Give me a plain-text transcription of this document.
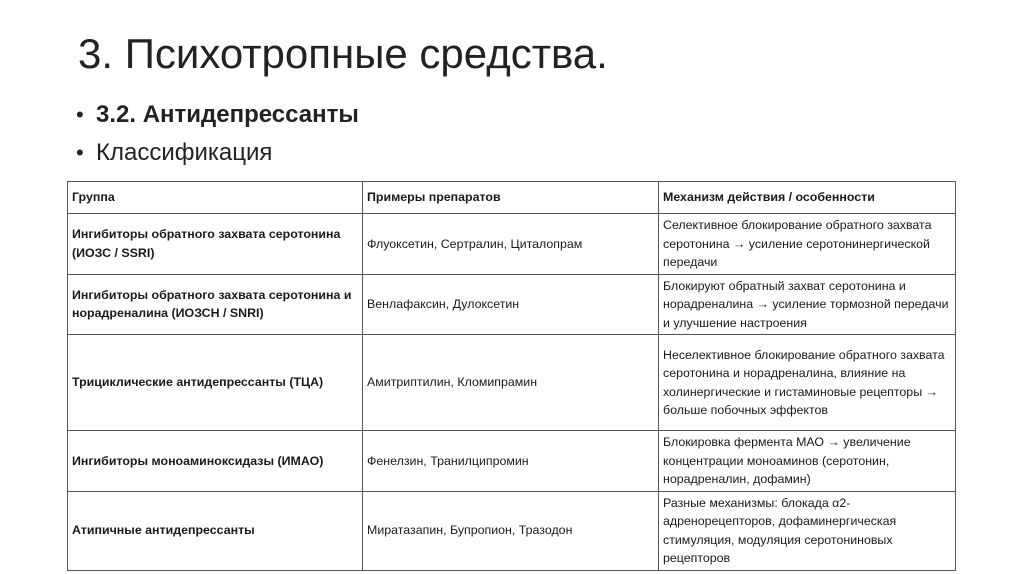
3. Психотропные средства.
• 3.2. Антидепрессанты
• Классификация
Группа	Примеры препаратов	Механизм действия / особенности
Ингибиторы обратного захвата серотонина (ИОЗС / SSRI)	Флуоксетин, Сертралин, Циталопрам	Селективное блокирование обратного захвата серотонина → усиление серотонинергической передачи
Ингибиторы обратного захвата серотонина и норадреналина (ИОЗСН / SNRI)	Венлафаксин, Дулоксетин	Блокируют обратный захват серотонина и норадреналина → усиление тормозной передачи и улучшение настроения
Трициклические антидепрессанты (ТЦА)	Амитриптилин, Кломипрамин	Неселективное блокирование обратного захвата серотонина и норадреналина, влияние на холинергические и гистаминовые рецепторы → больше побочных эффектов
Ингибиторы моноаминоксидазы (ИМАО)	Фенелзин, Транилципромин	Блокировка фермента МАО → увеличение концентрации моноаминов (серотонин, норадреналин, дофамин)
Атипичные антидепрессанты	Миратазапин, Бупропион, Тразодон	Разные механизмы: блокада α2-адренорецепторов, дофаминергическая стимуляция, модуляция серотониновых рецепторов
